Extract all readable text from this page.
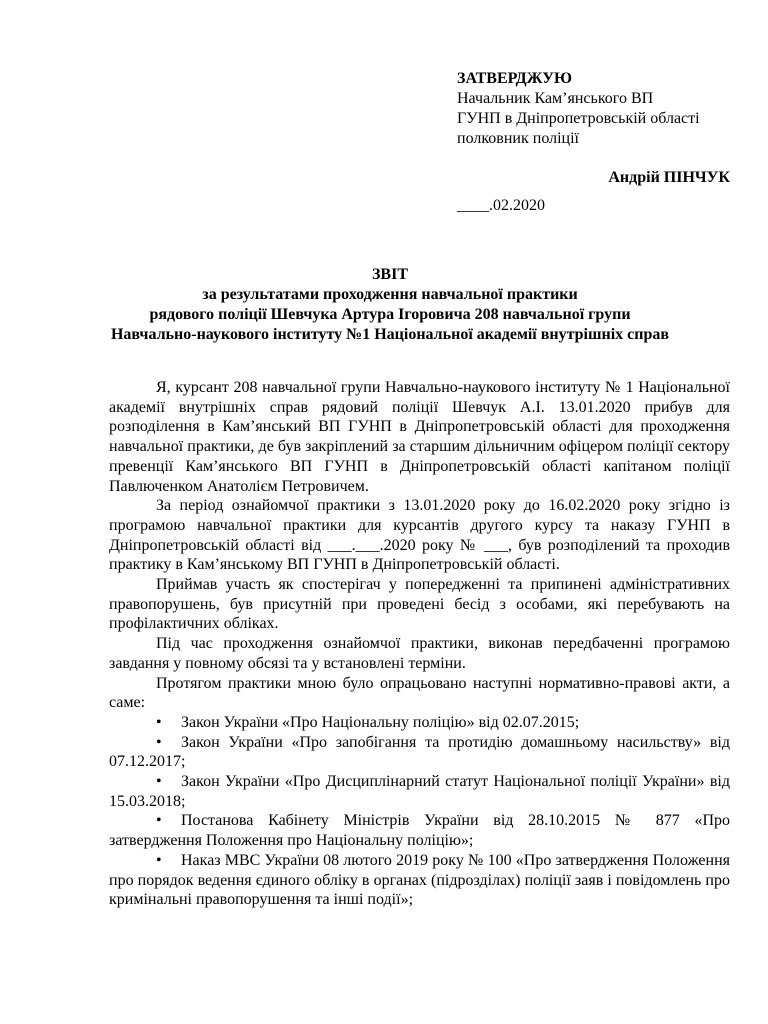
ЗАТВЕРДЖУЮ
Начальник Кам’янського ВП
ГУНП в Дніпропетровській області
полковник поліції
Андрій ПІНЧУК
____.02.2020
ЗВІТ
за результатами проходження навчальної практики
рядового поліції Шевчука Артура Ігоровича 208 навчальної групи
Навчально-наукового інституту №1 Національної академії внутрішніх справ

Я, курсант 208 навчальної групи Навчально-наукового інституту № 1 Національної академії внутрішніх справ рядовий поліції Шевчук А.І. 13.01.2020 прибув для розподілення в Кам’янський ВП ГУНП в Дніпропетровській області для проходження навчальної практики, де був закріплений за старшим дільничним офіцером поліції сектору превенції Кам’янського ВП ГУНП в Дніпропетровській області капітаном поліції Павлюченком Анатолієм Петровичем.

За період ознайомчої практики з 13.01.2020 року до 16.02.2020 року згідно із програмою навчальної практики для курсантів другого курсу та наказу ГУНП в Дніпропетровській області від ___.___.2020 року № ___, був розподілений та проходив практику в Кам’янському ВП ГУНП в Дніпропетровській області.

Приймав участь як спостерігач у попередженні та припинені адміністративних правопорушень, був присутній при проведені бесід з особами, які перебувають на профілактичних обліках.

Під час проходження ознайомчої практики, виконав передбаченні програмою завдання у повному обсязі та у встановлені терміни.

Протягом практики мною було опрацьовано наступні нормативно-правові акти, а саме:

• Закон України «Про Національну поліцію» від 02.07.2015;
• Закон України «Про запобігання та протидію домашньому насильству» від 07.12.2017;
• Закон України «Про Дисциплінарний статут Національної поліції України» від 15.03.2018;
• Постанова Кабінету Міністрів України від 28.10.2015 № 877 «Про затвердження Положення про Національну поліцію»;
• Наказ МВС України 08 лютого 2019 року № 100 «Про затвердження Положення про порядок ведення єдиного обліку в органах (підрозділах) поліції заяв і повідомлень про кримінальні правопорушення та інші події»;
